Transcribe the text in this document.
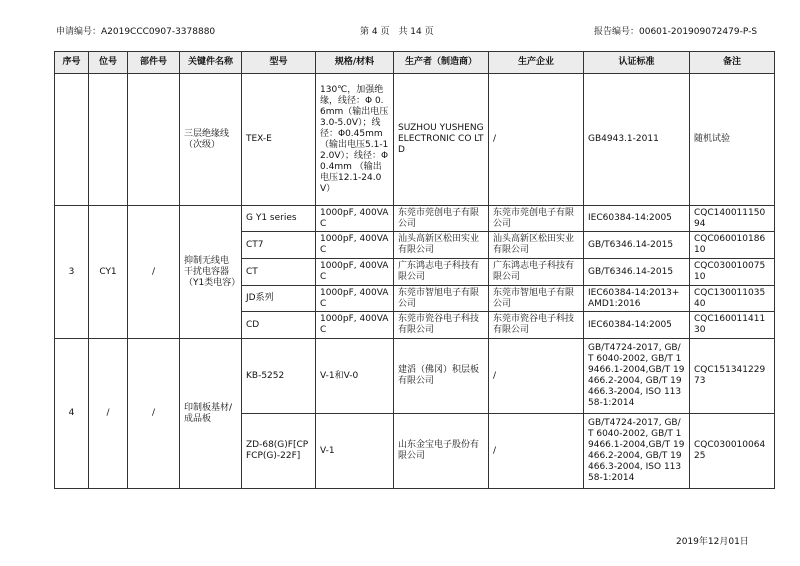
申请编号：A2019CCC0907-3378880	第 4 页　共 14 页	报告编号：00601-2019090724​79-P-S
序号	位号	部件号	关键件名称	型号	规格/材料	生产者（制造商）	生产企业	认证标准	备注
			三层绝缘线（次级）	TEX-E	130℃，加强绝缘，线径：Φ 0.6mm（输出电压3.0-5.0V）；线径：Φ0.45mm （输出电压5.1-12.0V）；线径：Φ0.4mm （输出电压12.1-24.0V）	SUZHOU YUSHENG ELECTRONIC CO LTD	/	GB4943.1-2011	随机试验
3	CY1	/	抑制无线电干扰电容器（Y1类电容）	G Y1 series	1000pF, 400VAC	东莞市莞创电子有限公司	东莞市莞创电子有限公司	IEC60384-14:2005	CQC14001115094
				CT7	1000pF, 400VAC	汕头高新区松田实业有限公司	汕头高新区松田实业有限公司	GB/T6346.14-2015	CQC06001018610
				CT	1000pF, 400VAC	广东鸿志电子科技有限公司	广东鸿志电子科技有限公司	GB/T6346.14-2015	CQC03001007510
				JD系列	1000pF, 400VAC	东莞市智旭电子有限公司	东莞市智旭电子有限公司	IEC60384-14:2013+AMD1:2016	CQC13001103540
				CD	1000pF, 400VAC	东莞市瓷谷电子科技有限公司	东莞市瓷谷电子科技有限公司	IEC60384-14:2005	CQC16001141130
4	/	/	印制板基材/成品板	KB-5252	V-1和V-0	建滔（佛冈）积层板有限公司	/	GB/T4724-2017, GB/T 6040-2002, GB/T 19466.1-2004,GB/T 19466.2-2004, GB/T 19466.3-2004, ISO 11358-1:2014	CQC15134122973
				ZD-68(G)F[CPFCP(G)-22F]	V-1	山东金宝电子股份有限公司	/	GB/T4724-2017, GB/T 6040-2002, GB/T 19466.1-2004,GB/T 19466.2-2004, GB/T 19466.3-2004, ISO 11358-1:2014	CQC03001006425
2019年12月01日
